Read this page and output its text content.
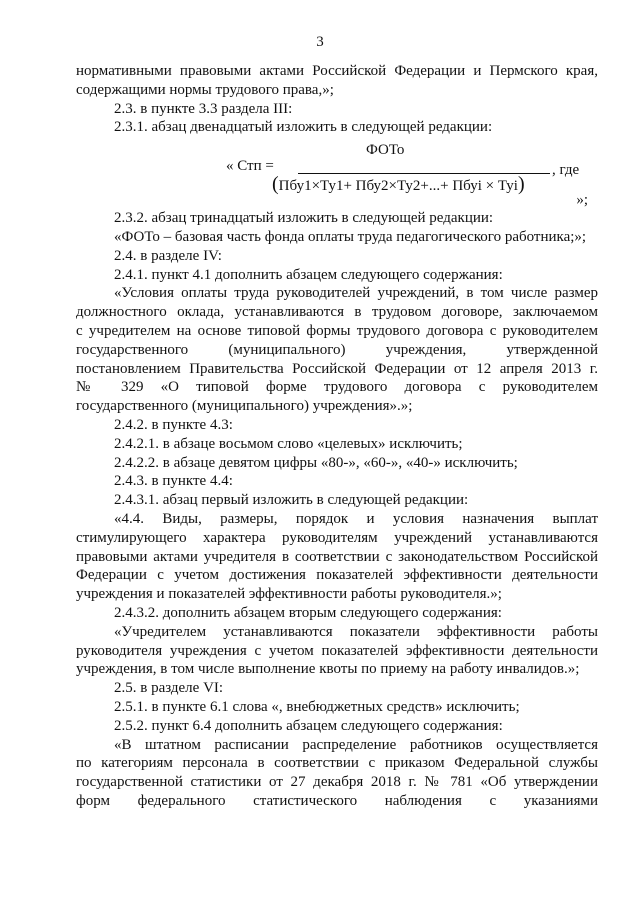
3

нормативными правовыми актами Российской Федерации и Пермского края,

содержащими нормы трудового права,»;

2.3. в пункте 3.3 раздела III:

2.3.1. абзац двенадцатый изложить в следующей редакции:

ФОТо
« Стп =	, где
(Пбу1×Ту1+ Пбу2×Ту2+...+ Пбуi × Туi)
»;

2.3.2. абзац тринадцатый изложить в следующей редакции:

«ФОТо – базовая часть фонда оплаты труда педагогического работника;»;

2.4. в разделе IV:

2.4.1. пункт 4.1 дополнить абзацем следующего содержания:

«Условия оплаты труда руководителей учреждений, в том числе размер

должностного оклада, устанавливаются в трудовом договоре, заключаемом

с учредителем на основе типовой формы трудового договора с руководителем

государственного (муниципального) учреждения, утвержденной

постановлением Правительства Российской Федерации от 12 апреля 2013 г.

№ 329 «О типовой форме трудового договора с руководителем

государственного (муниципального) учреждения».»;

2.4.2. в пункте 4.3:

2.4.2.1. в абзаце восьмом слово «целевых» исключить;

2.4.2.2. в абзаце девятом цифры «80-», «60-», «40-» исключить;

2.4.3. в пункте 4.4:

2.4.3.1. абзац первый изложить в следующей редакции:

«4.4. Виды, размеры, порядок и условия назначения выплат

стимулирующего характера руководителям учреждений устанавливаются

правовыми актами учредителя в соответствии с законодательством Российской

Федерации с учетом достижения показателей эффективности деятельности

учреждения и показателей эффективности работы руководителя.»;

2.4.3.2. дополнить абзацем вторым следующего содержания:

«Учредителем устанавливаются показатели эффективности работы

руководителя учреждения с учетом показателей эффективности деятельности

учреждения, в том числе выполнение квоты по приему на работу инвалидов.»;

2.5. в разделе VI:

2.5.1. в пункте 6.1 слова «, внебюджетных средств» исключить;

2.5.2. пункт 6.4 дополнить абзацем следующего содержания:

«В штатном расписании распределение работников осуществляется

по категориям персонала в соответствии с приказом Федеральной службы

государственной статистики от 27 декабря 2018 г. № 781 «Об утверждении

форм федерального статистического наблюдения с указаниями
